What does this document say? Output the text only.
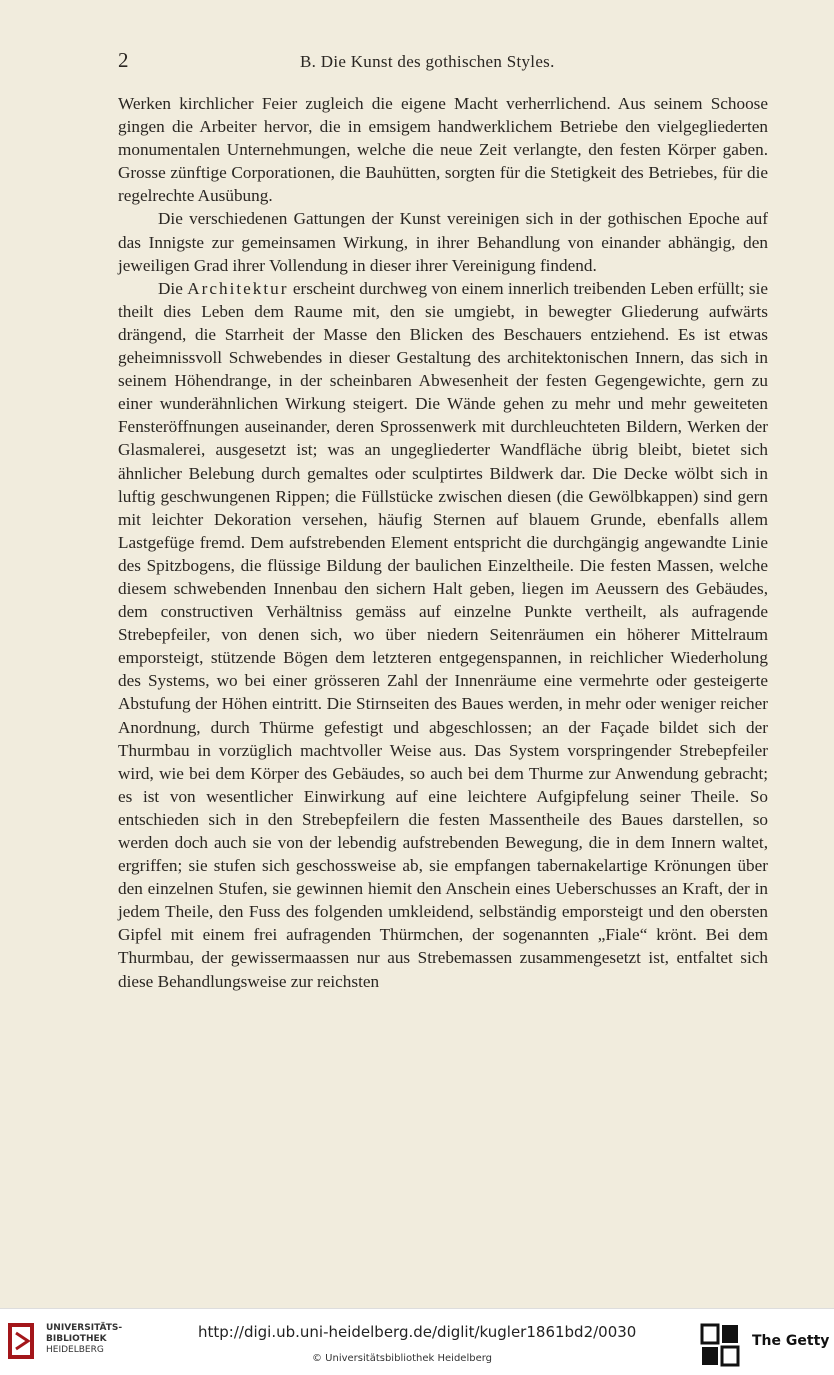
2	B. Die Kunst des gothischen Styles.

Werken kirchlicher Feier zugleich die eigene Macht verherrlichend. Aus seinem Schoose gingen die Arbeiter hervor, die in emsigem handwerklichem Betriebe den vielgegliederten monumentalen Unternehmungen, welche die neue Zeit verlangte, den festen Körper gaben. Grosse zünftige Corporationen, die Bauhütten, sorgten für die Stetigkeit des Betriebes, für die regelrechte Ausübung.

Die verschiedenen Gattungen der Kunst vereinigen sich in der gothischen Epoche auf das Innigste zur gemeinsamen Wirkung, in ihrer Behandlung von einander abhängig, den jeweiligen Grad ihrer Vollendung in dieser ihrer Vereinigung findend.

Die Architektur erscheint durchweg von einem innerlich treibenden Leben erfüllt; sie theilt dies Leben dem Raume mit, den sie umgiebt, in bewegter Gliederung aufwärts drängend, die Starrheit der Masse den Blicken des Beschauers entziehend. Es ist etwas geheimnissvoll Schwebendes in dieser Gestaltung des architektonischen Innern, das sich in seinem Höhendrange, in der scheinbaren Abwesenheit der festen Gegengewichte, gern zu einer wunderähnlichen Wirkung steigert. Die Wände gehen zu mehr und mehr geweiteten Fensteröffnungen auseinander, deren Sprossenwerk mit durchleuchteten Bildern, Werken der Glasmalerei, ausgesetzt ist; was an ungegliederter Wandfläche übrig bleibt, bietet sich ähnlicher Belebung durch gemaltes oder sculptirtes Bildwerk dar. Die Decke wölbt sich in luftig geschwungenen Rippen; die Füllstücke zwischen diesen (die Gewölbkappen) sind gern mit leichter Dekoration versehen, häufig Sternen auf blauem Grunde, ebenfalls allem Lastgefüge fremd. Dem aufstrebenden Element entspricht die durchgängig angewandte Linie des Spitzbogens, die flüssige Bildung der baulichen Einzeltheile. Die festen Massen, welche diesem schwebenden Innenbau den sichern Halt geben, liegen im Aeussern des Gebäudes, dem constructiven Verhältniss gemäss auf einzelne Punkte vertheilt, als aufragende Strebepfeiler, von denen sich, wo über niedern Seitenräumen ein höherer Mittelraum emporsteigt, stützende Bögen dem letzteren entgegenspannen, in reichlicher Wiederholung des Systems, wo bei einer grösseren Zahl der Innenräume eine vermehrte oder gesteigerte Abstufung der Höhen eintritt. Die Stirnseiten des Baues werden, in mehr oder weniger reicher Anordnung, durch Thürme gefestigt und abgeschlossen; an der Façade bildet sich der Thurmbau in vorzüglich machtvoller Weise aus. Das System vorspringender Strebepfeiler wird, wie bei dem Körper des Gebäudes, so auch bei dem Thurme zur Anwendung gebracht; es ist von wesentlicher Einwirkung auf eine leichtere Aufgipfelung seiner Theile. So entschieden sich in den Strebepfeilern die festen Massentheile des Baues darstellen, so werden doch auch sie von der lebendig aufstrebenden Bewegung, die in dem Innern waltet, ergriffen; sie stufen sich geschossweise ab, sie empfangen tabernakelartige Krönungen über den einzelnen Stufen, sie gewinnen hiemit den Anschein eines Ueberschusses an Kraft, der in jedem Theile, den Fuss des folgenden umkleidend, selbständig emporsteigt und den obersten Gipfel mit einem frei aufragenden Thürmchen, der sogenannten „Fiale“ krönt. Bei dem Thurmbau, der gewissermaassen nur aus Strebemassen zusammengesetzt ist, entfaltet sich diese Behandlungsweise zur reichsten

UNIVERSITÄTS-
BIBLIOTHEK
HEIDELBERG
http://digi.ub.uni-heidelberg.de/diglit/kugler1861bd2/0030
© Universitätsbibliothek Heidelberg
The Getty
